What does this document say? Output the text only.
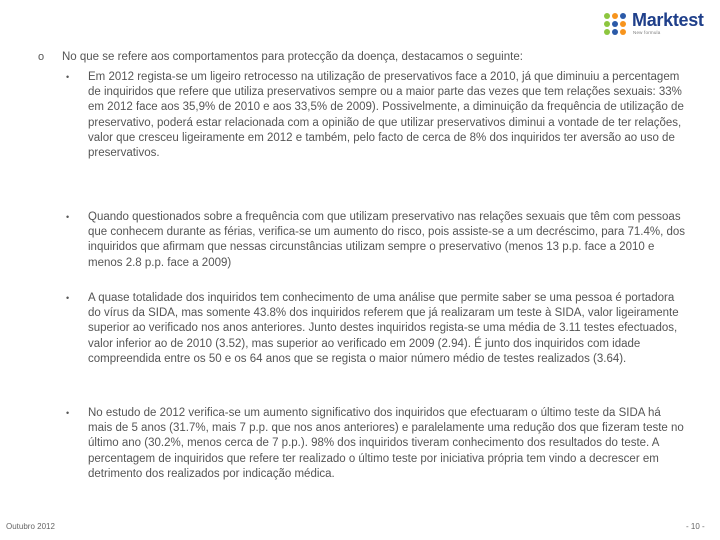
Marktest
New formula
o No que se refere aos comportamentos para protecção da doença, destacamos o seguinte:
• Em 2012 regista-se um ligeiro retrocesso na utilização de preservativos face a 2010, já que diminuiu a percentagem de inquiridos que refere que utiliza preservativos sempre ou a maior parte das vezes que tem relações sexuais: 33% em 2012 face aos 35,9% de 2010 e aos 33,5% de 2009). Possivelmente, a diminuição da frequência de utilização de preservativo, poderá estar relacionada com a opinião de que utilizar preservativos diminui a vontade de ter relações, valor que cresceu ligeiramente em 2012 e também, pelo facto de cerca de 8% dos inquiridos ter aversão ao uso de preservativos.
• Quando questionados sobre a frequência com que utilizam preservativo nas relações sexuais que têm com pessoas que conhecem durante as férias, verifica-se um aumento do risco, pois assiste-se a um decréscimo, para 71.4%, dos inquiridos que afirmam que nessas circunstâncias utilizam sempre o preservativo (menos 13 p.p. face a 2010 e menos 2.8 p.p. face a 2009)
• A quase totalidade dos inquiridos tem conhecimento de uma análise que permite saber se uma pessoa é portadora do vírus da SIDA, mas somente 43.8% dos inquiridos referem que já realizaram um teste à SIDA, valor ligeiramente superior ao verificado nos anos anteriores. Junto destes inquiridos regista-se uma média de 3.11 testes efectuados, valor inferior ao de 2010 (3.52), mas superior ao verificado em 2009 (2.94). É junto dos inquiridos com idade compreendida entre os 50 e os 64 anos que se regista o maior número médio de testes realizados (3.64).
• No estudo de 2012 verifica-se um aumento significativo dos inquiridos que efectuaram o último teste da SIDA há mais de 5 anos (31.7%, mais 7 p.p. que nos anos anteriores) e paralelamente uma redução dos que fizeram teste no último ano (30.2%, menos cerca de 7 p.p.). 98% dos inquiridos tiveram conhecimento dos resultados do teste. A percentagem de inquiridos que refere ter realizado o último teste por iniciativa própria tem vindo a decrescer em detrimento dos realizados por indicação médica.
Outubro 2012	- 10 -
